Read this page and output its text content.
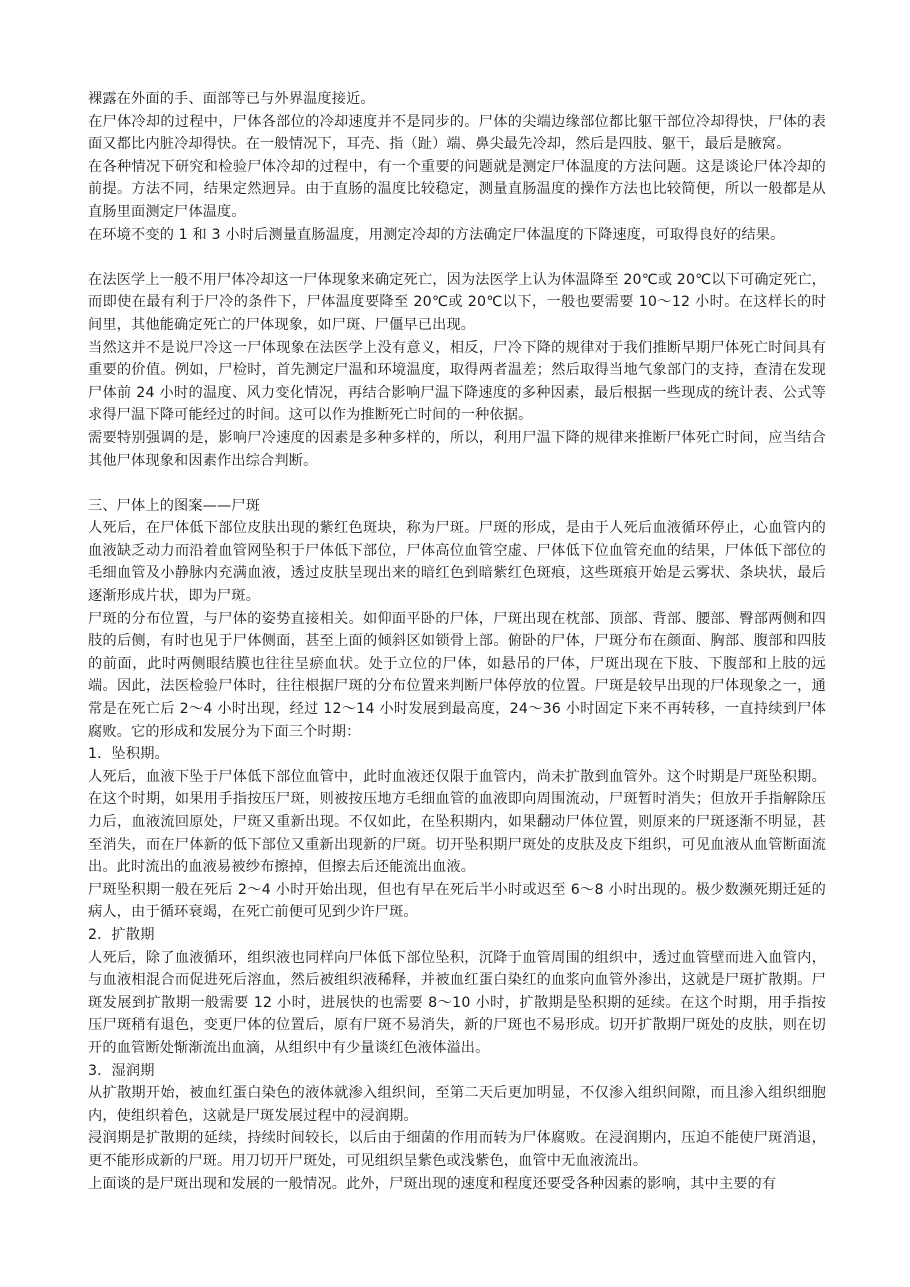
裸露在外面的手、面部等已与外界温度接近。

在尸体冷却的过程中，尸体各部位的冷却速度并不是同步的。尸体的尖端边缘部位都比躯干部位冷却得快，尸体的表面又都比内脏冷却得快。在一般情况下，耳壳、指（趾）端、鼻尖最先冷却，然后是四肢、躯干，最后是腋窝。

在各种情况下研究和检验尸体冷却的过程中，有一个重要的问题就是测定尸体温度的方法问题。这是谈论尸体冷却的前提。方法不同，结果定然迥异。由于直肠的温度比较稳定，测量直肠温度的操作方法也比较简便，所以一般都是从直肠里面测定尸体温度。

在环境不变的 1 和 3 小时后测量直肠温度，用测定冷却的方法确定尸体温度的下降速度，可取得良好的结果。

在法医学上一般不用尸体冷却这一尸体现象来确定死亡，因为法医学上认为体温降至 20℃或 20℃以下可确定死亡，而即使在最有利于尸冷的条件下，尸体温度要降至 20℃或 20℃以下，一般也要需要 10～12 小时。在这样长的时间里，其他能确定死亡的尸体现象，如尸斑、尸僵早已出现。

当然这并不是说尸冷这一尸体现象在法医学上没有意义，相反，尸冷下降的规律对于我们推断早期尸体死亡时间具有重要的价值。例如，尸检时，首先测定尸温和环境温度，取得两者温差；然后取得当地气象部门的支持，查清在发现尸体前 24 小时的温度、风力变化情况，再结合影响尸温下降速度的多种因素，最后根据一些现成的统计表、公式等求得尸温下降可能经过的时间。这可以作为推断死亡时间的一种依据。

需要特别强调的是，影响尸冷速度的因素是多种多样的，所以，利用尸温下降的规律来推断尸体死亡时间，应当结合其他尸体现象和因素作出综合判断。

三、尸体上的图案——尸斑

人死后，在尸体低下部位皮肤出现的紫红色斑块，称为尸斑。尸斑的形成，是由于人死后血液循环停止，心血管内的血液缺乏动力而沿着血管网坠积于尸体低下部位，尸体高位血管空虚、尸体低下位血管充血的结果，尸体低下部位的毛细血管及小静脉内充满血液，透过皮肤呈现出来的暗红色到暗紫红色斑痕，这些斑痕开始是云雾状、条块状，最后逐渐形成片状，即为尸斑。

尸斑的分布位置，与尸体的姿势直接相关。如仰面平卧的尸体，尸斑出现在枕部、顶部、背部、腰部、臀部两侧和四肢的后侧，有时也见于尸体侧面，甚至上面的倾斜区如锁骨上部。俯卧的尸体，尸斑分布在颜面、胸部、腹部和四肢的前面，此时两侧眼结膜也往往呈瘀血状。处于立位的尸体，如悬吊的尸体，尸斑出现在下肢、下腹部和上肢的远端。因此，法医检验尸体时，往往根据尸斑的分布位置来判断尸体停放的位置。尸斑是较早出现的尸体现象之一，通常是在死亡后 2～4 小时出现，经过 12～14 小时发展到最高度，24～36 小时固定下来不再转移，一直持续到尸体腐败。它的形成和发展分为下面三个时期：

1．坠积期。

人死后，血液下坠于尸体低下部位血管中，此时血液还仅限于血管内，尚未扩散到血管外。这个时期是尸斑坠积期。在这个时期，如果用手指按压尸斑，则被按压地方毛细血管的血液即向周围流动，尸斑暂时消失；但放开手指解除压力后，血液流回原处，尸斑又重新出现。不仅如此，在坠积期内，如果翻动尸体位置，则原来的尸斑逐渐不明显，甚至消失，而在尸体新的低下部位又重新出现新的尸斑。切开坠积期尸斑处的皮肤及皮下组织，可见血液从血管断面流出。此时流出的血液易被纱布擦掉，但擦去后还能流出血液。

尸斑坠积期一般在死后 2～4 小时开始出现，但也有早在死后半小时或迟至 6～8 小时出现的。极少数濒死期迁延的病人，由于循环衰竭，在死亡前便可见到少许尸斑。

2．扩散期

人死后，除了血液循环，组织液也同样向尸体低下部位坠积，沉降于血管周围的组织中，透过血管壁而进入血管内，与血液相混合而促进死后溶血，然后被组织液稀释，并被血红蛋白染红的血浆向血管外渗出，这就是尸斑扩散期。尸斑发展到扩散期一般需要 12 小时，进展快的也需要 8～10 小时，扩散期是坠积期的延续。在这个时期，用手指按压尸斑稍有退色，变更尸体的位置后，原有尸斑不易消失，新的尸斑也不易形成。切开扩散期尸斑处的皮肤，则在切开的血管断处惭渐流出血滴，从组织中有少量谈红色液体溢出。

3．湿润期

从扩散期开始，被血红蛋白染色的液体就渗入组织间，至第二天后更加明显，不仅渗入组织间隙，而且渗入组织细胞内，使组织着色，这就是尸斑发展过程中的浸润期。

浸润期是扩散期的延续，持续时间较长，以后由于细菌的作用而转为尸体腐败。在浸润期内，压迫不能使尸斑消退，更不能形成新的尸斑。用刀切开尸斑处，可见组织呈紫色或浅紫色，血管中无血液流出。

上面谈的是尸斑出现和发展的一般情况。此外，尸斑出现的速度和程度还要受各种因素的影响，其中主要的有
